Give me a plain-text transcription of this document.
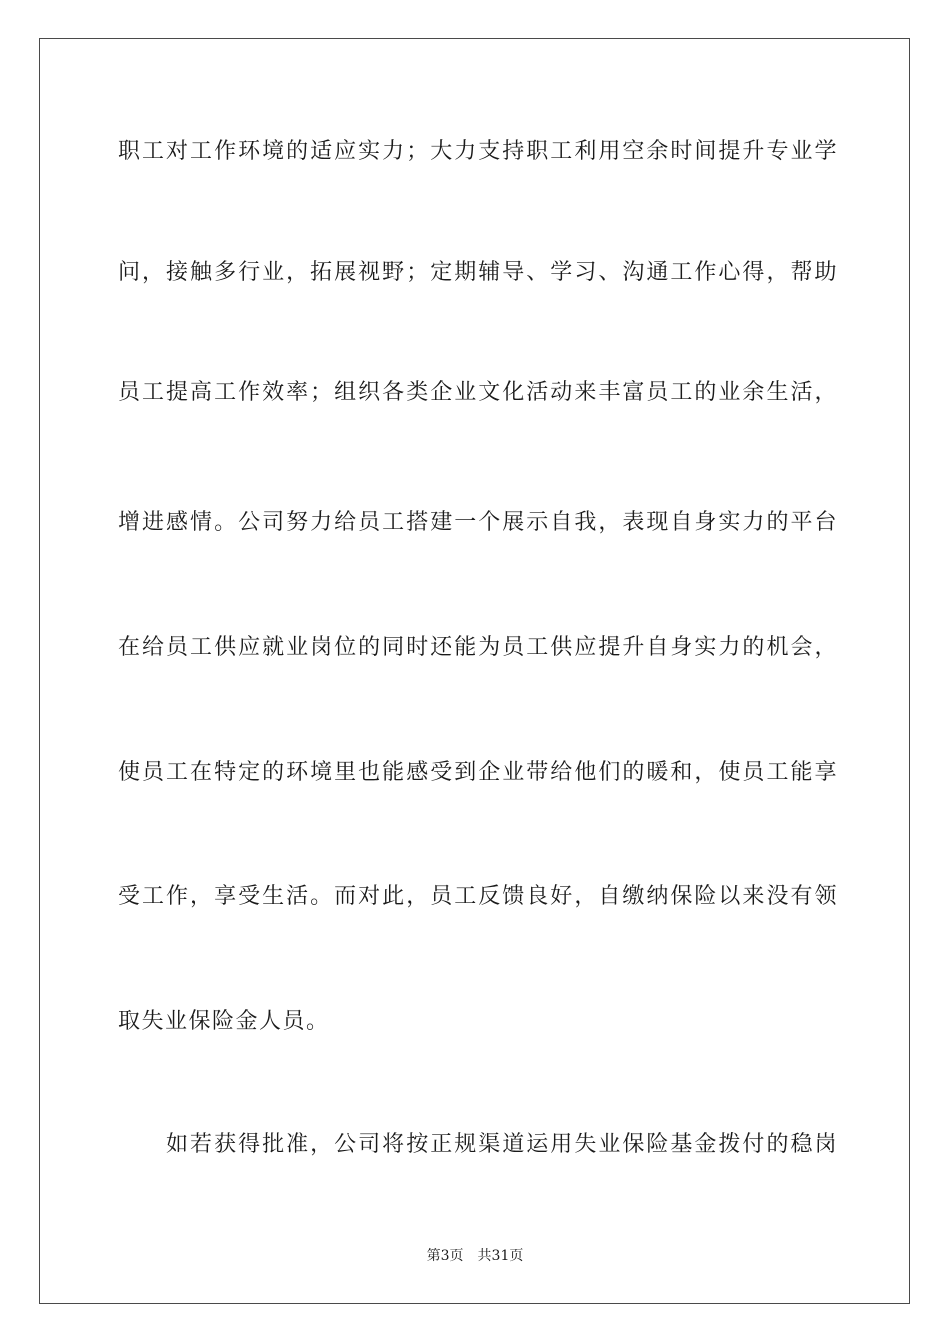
职工对工作环境的适应实力；大力支持职工利用空余时间提升专业学

问，接触多行业，拓展视野；定期辅导、学习、沟通工作心得，帮助

员工提高工作效率；组织各类企业文化活动来丰富员工的业余生活，

增进感情。公司努力给员工搭建一个展示自我，表现自身实力的平台

在给员工供应就业岗位的同时还能为员工供应提升自身实力的机会，

使员工在特定的环境里也能感受到企业带给他们的暖和，使员工能享

受工作，享受生活。而对此，员工反馈良好，自缴纳保险以来没有领

取失业保险金人员。

　　如若获得批准，公司将按正规渠道运用失业保险基金拨付的稳岗

第3页 共31页
